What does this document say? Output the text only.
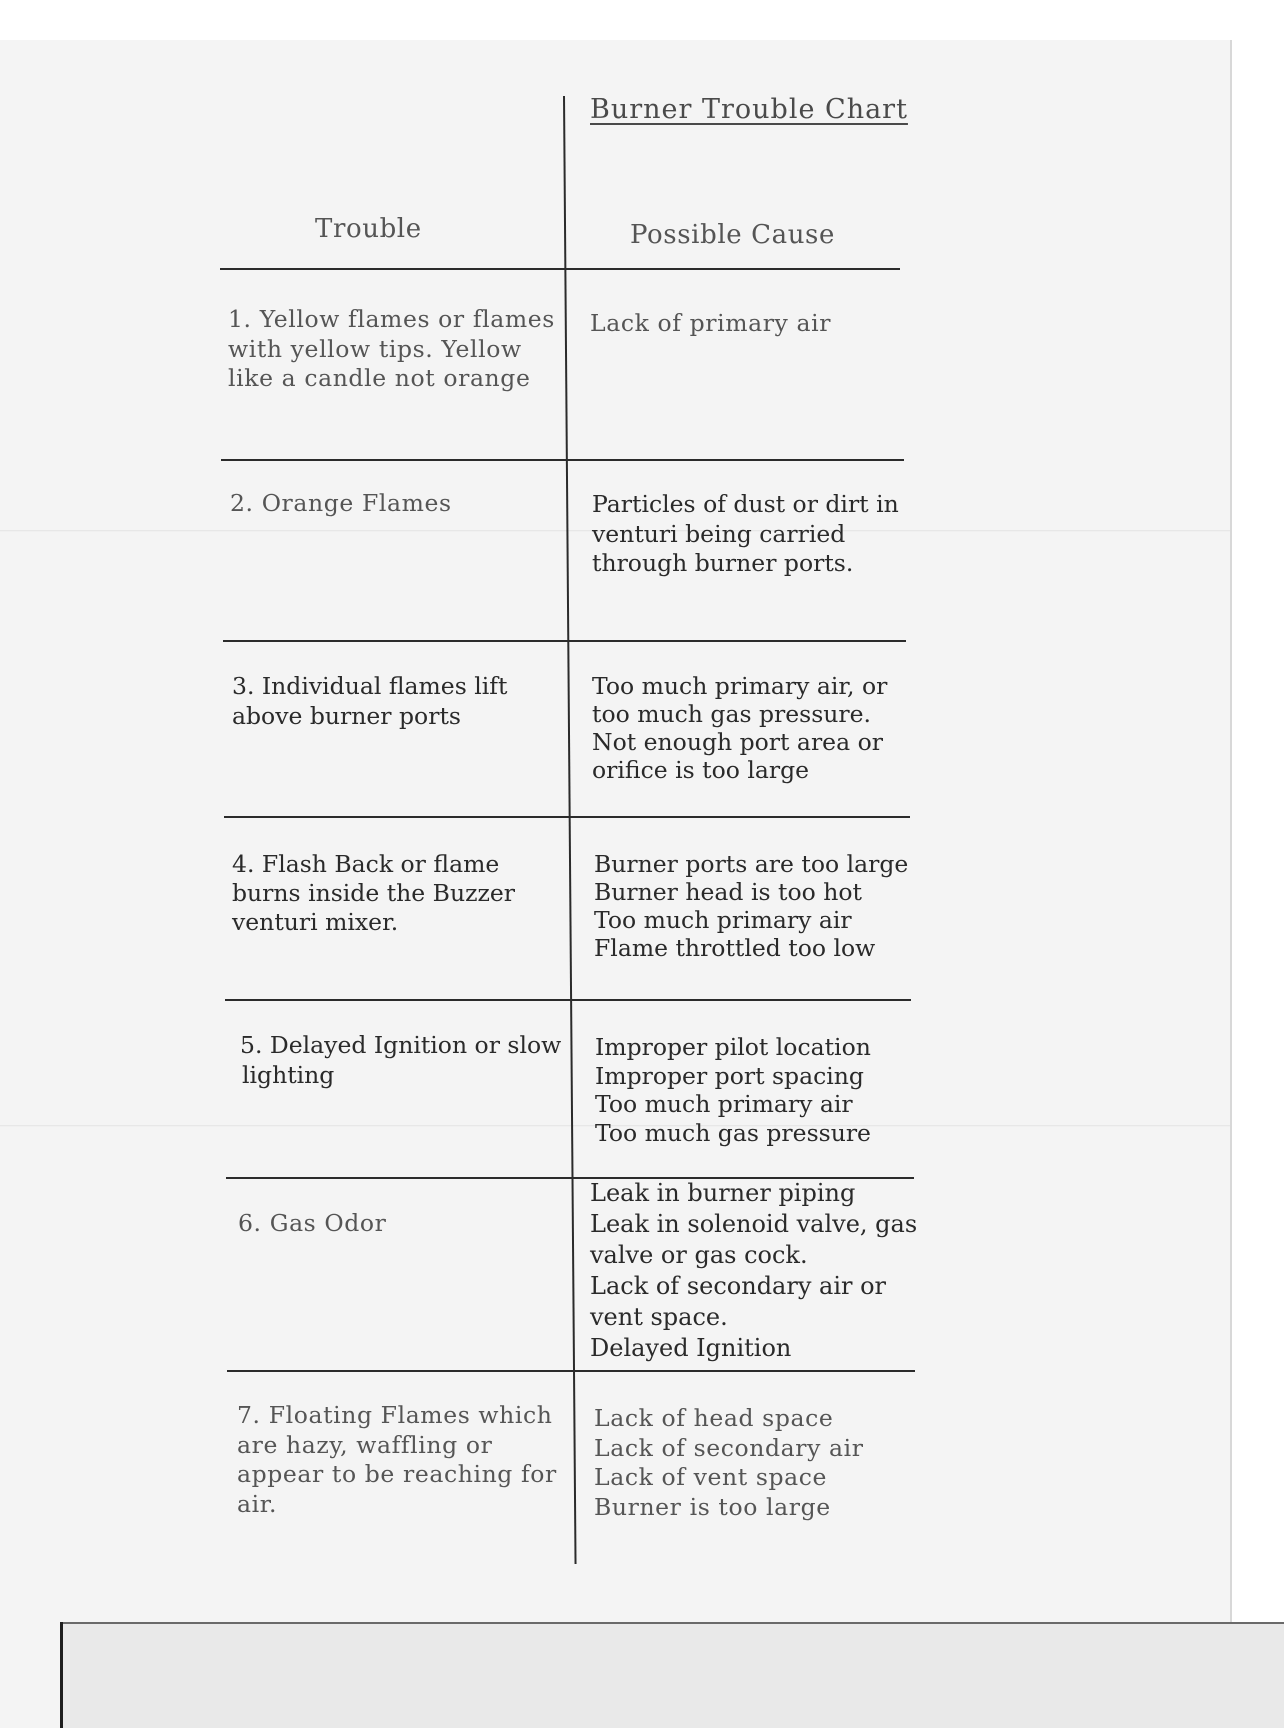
Burner Trouble Chart
Trouble	Possible Cause
1. Yellow flames or flames
with yellow tips. Yellow
like a candle not orange
Lack of primary air
2. Orange Flames	Particles of dust or dirt in
venturi being carried
through burner ports.
3. Individual flames lift
above burner ports
Too much primary air, or
too much gas pressure.
Not enough port area or
orifice is too large
4. Flash Back or flame
burns inside the Buzzer
venturi mixer.
Burner ports are too large
Burner head is too hot
Too much primary air
Flame throttled too low
5. Delayed Ignition or slow
lighting
Improper pilot location
Improper port spacing
Too much primary air
Too much gas pressure
6. Gas Odor
Leak in burner piping
Leak in solenoid valve, gas
valve or gas cock.
Lack of secondary air or
vent space.
Delayed Ignition
7. Floating Flames which
are hazy, waffling or
appear to be reaching for
air.
Lack of head space
Lack of secondary air
Lack of vent space
Burner is too large
